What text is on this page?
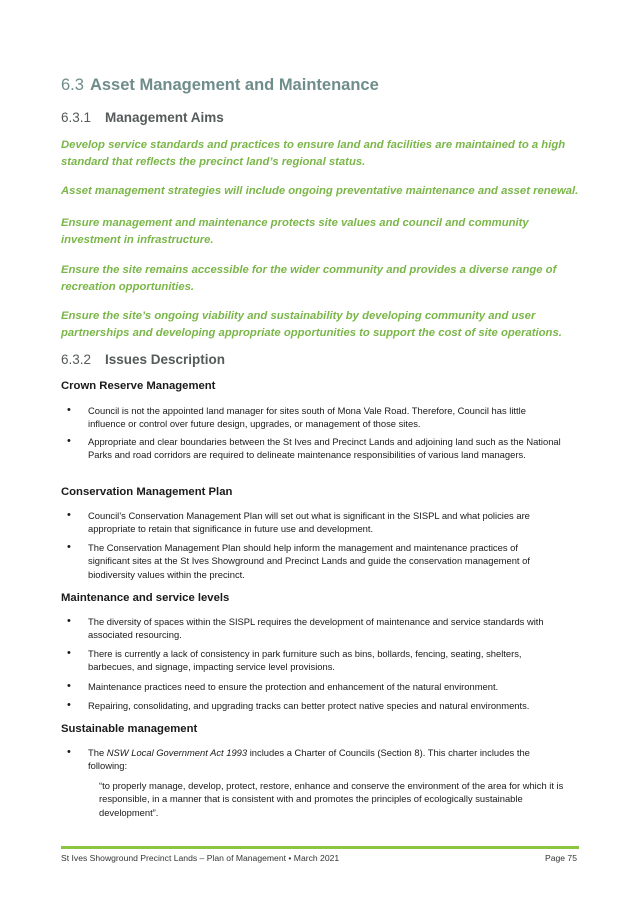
6.3 Asset Management and Maintenance
6.3.1 Management Aims

Develop service standards and practices to ensure land and facilities are maintained to a high standard that reflects the precinct land’s regional status.

Asset management strategies will include ongoing preventative maintenance and asset renewal.

Ensure management and maintenance protects site values and council and community investment in infrastructure.

Ensure the site remains accessible for the wider community and provides a diverse range of recreation opportunities.

Ensure the site’s ongoing viability and sustainability by developing community and user partnerships and developing appropriate opportunities to support the cost of site operations.

6.3.2 Issues Description
Crown Reserve Management

• Council is not the appointed land manager for sites south of Mona Vale Road. Therefore, Council has little influence or control over future design, upgrades, or management of those sites.

• Appropriate and clear boundaries between the St Ives and Precinct Lands and adjoining land such as the National Parks and road corridors are required to delineate maintenance responsibilities of various land managers.

Conservation Management Plan

• Council’s Conservation Management Plan will set out what is significant in the SISPL and what policies are appropriate to retain that significance in future use and development.

• The Conservation Management Plan should help inform the management and maintenance practices of significant sites at the St Ives Showground and Precinct Lands and guide the conservation management of biodiversity values within the precinct.

Maintenance and service levels

• The diversity of spaces within the SISPL requires the development of maintenance and service standards with associated resourcing.

• There is currently a lack of consistency in park furniture such as bins, bollards, fencing, seating, shelters, barbecues, and signage, impacting service level provisions.

• Maintenance practices need to ensure the protection and enhancement of the natural environment.

• Repairing, consolidating, and upgrading tracks can better protect native species and natural environments.

Sustainable management

• The NSW Local Government Act 1993 includes a Charter of Councils (Section 8). This charter includes the following:

“to properly manage, develop, protect, restore, enhance and conserve the environment of the area for which it is responsible, in a manner that is consistent with and promotes the principles of ecologically sustainable development”.

St Ives Showground Precinct Lands – Plan of Management • March 2021	Page 75
